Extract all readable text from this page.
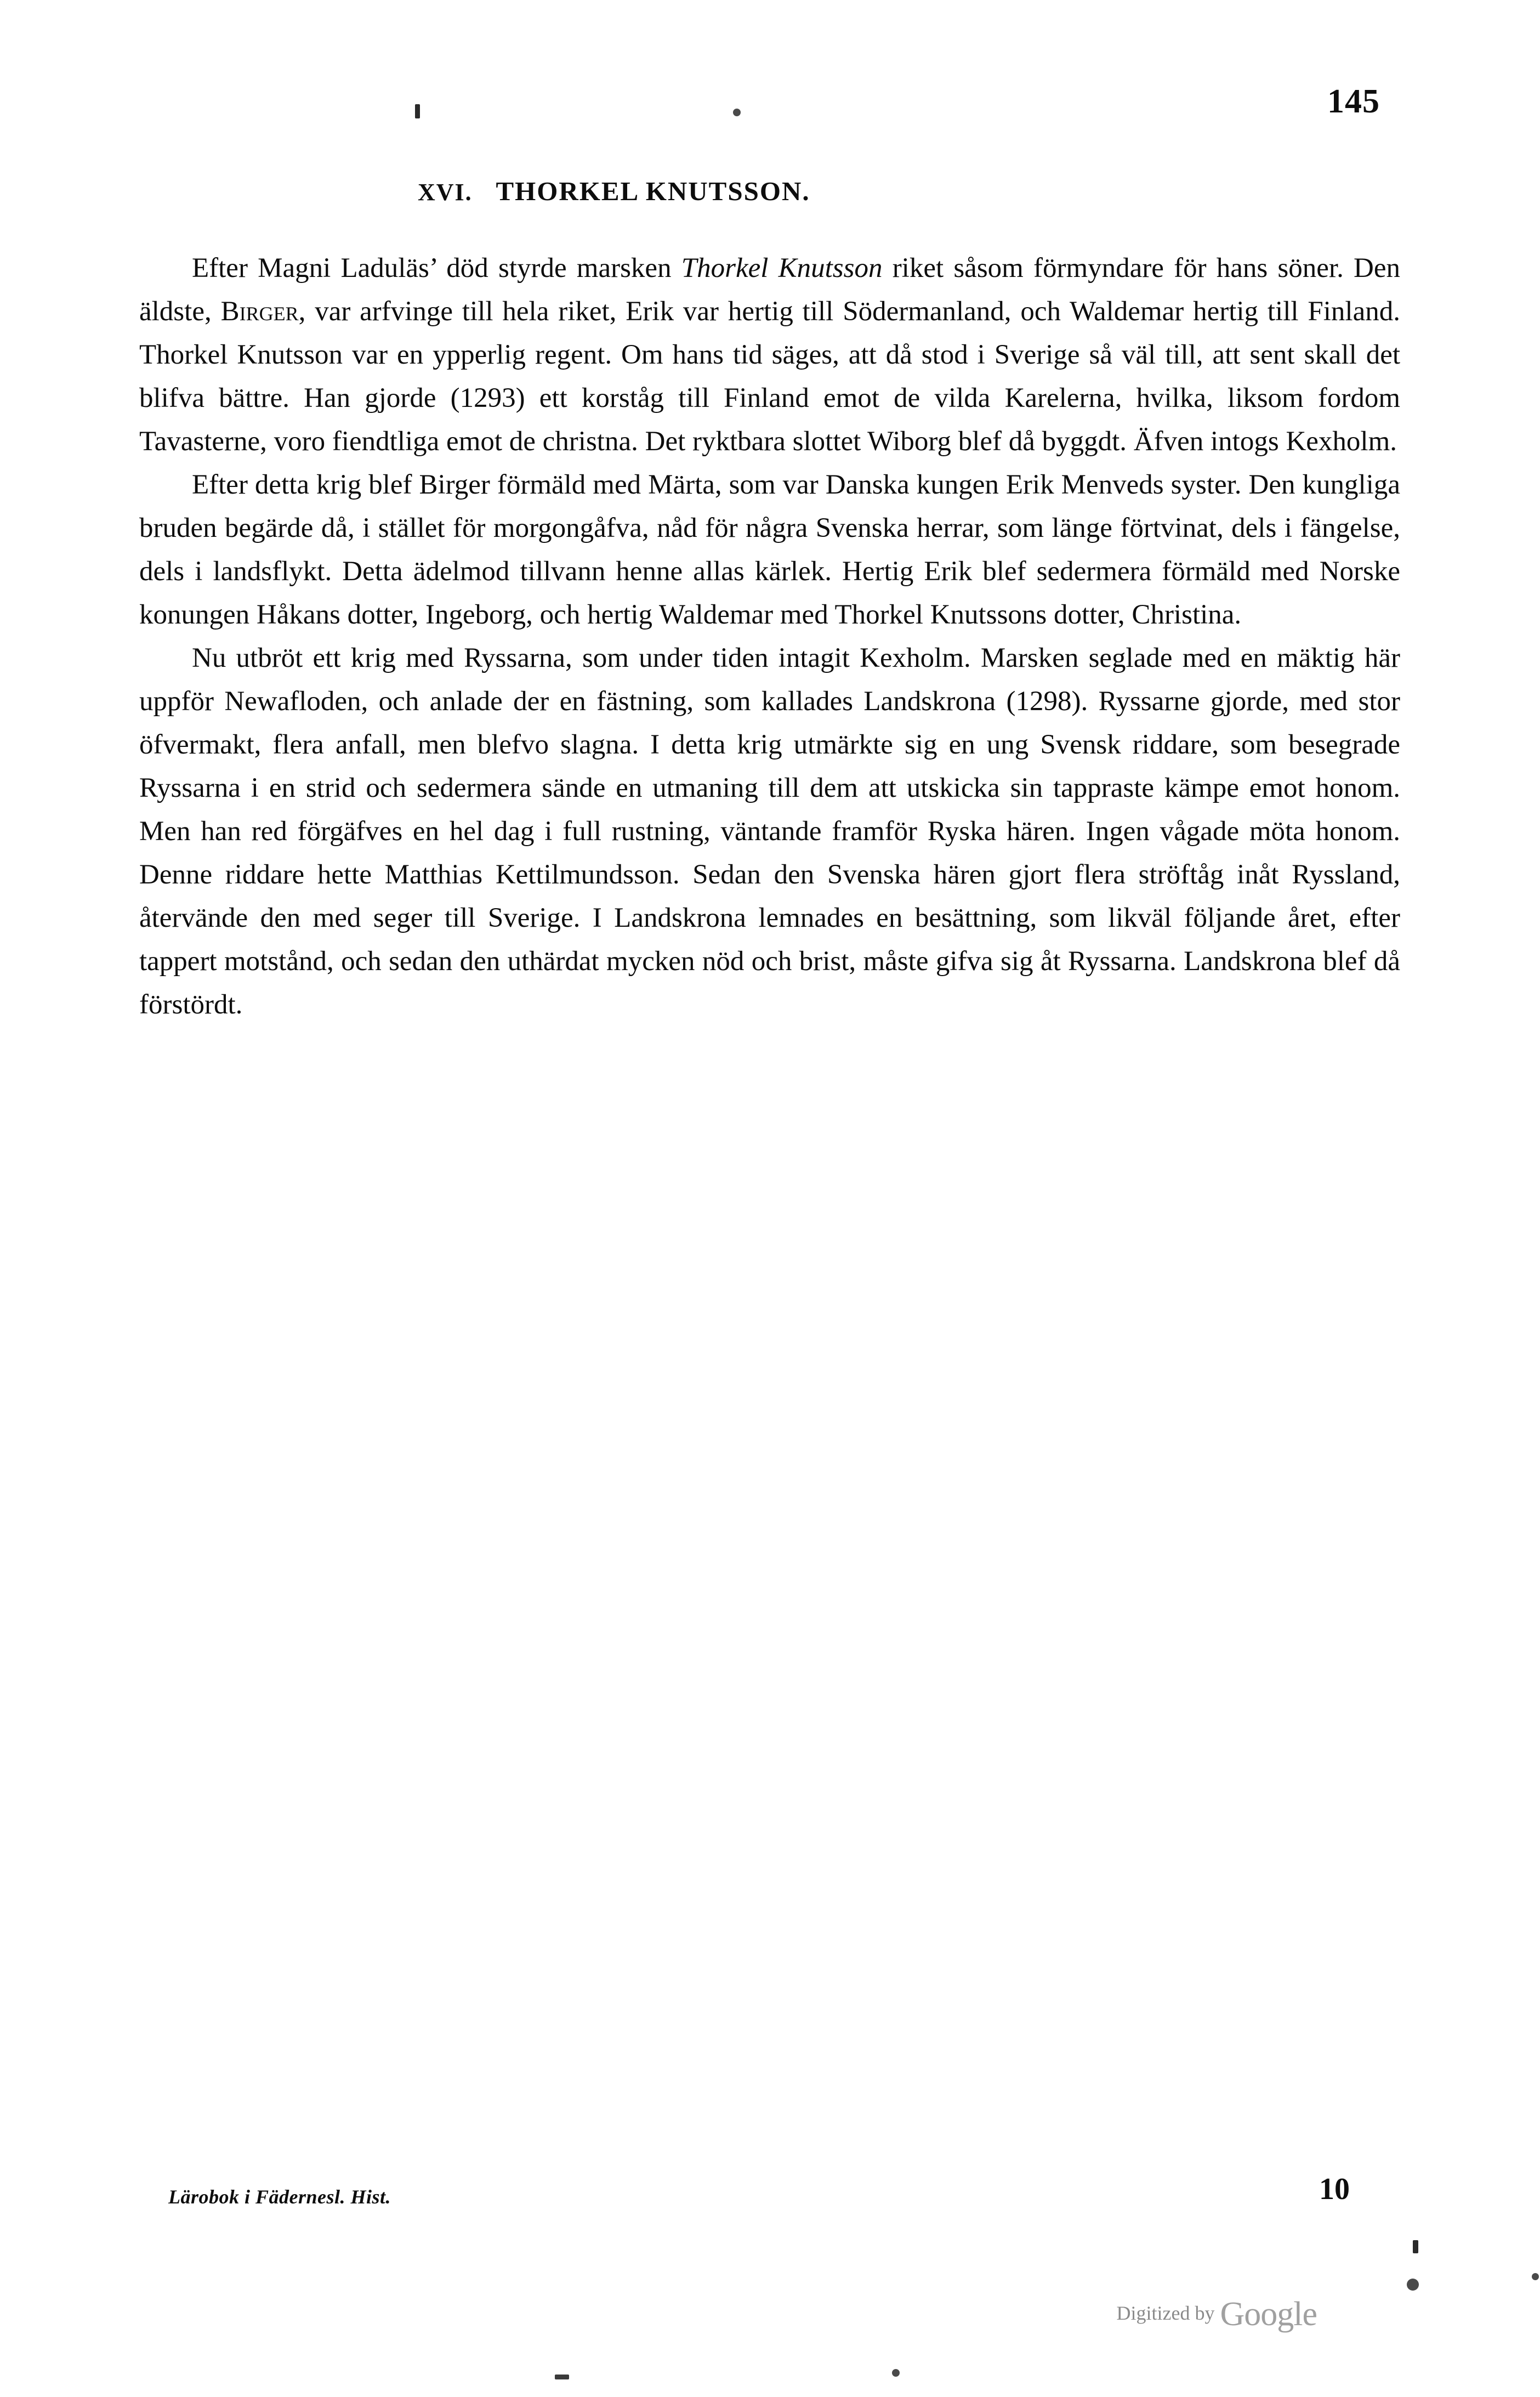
145
XVI. THORKEL KNUTSSON.

Efter Magni Laduläs’ död styrde marsken Thorkel Knutsson riket såsom förmyndare för hans söner. Den äldste, Birger, var arfvinge till hela riket, Erik var hertig till Södermanland, och Waldemar hertig till Finland. Thorkel Knutsson var en ypperlig regent. Om hans tid säges, att då stod i Sverige så väl till, att sent skall det blifva bättre. Han gjorde (1293) ett korståg till Finland emot de vilda Karelerna, hvilka, liksom fordom Tavasterne, voro fiendtliga emot de christna. Det ryktbara slottet Wiborg blef då byggdt. Äfven intogs Kexholm.

Efter detta krig blef Birger förmäld med Märta, som var Danska kungen Erik Menveds syster. Den kungliga bruden begärde då, i stället för morgongåfva, nåd för några Svenska herrar, som länge förtvinat, dels i fängelse, dels i landsflykt. Detta ädelmod tillvann henne allas kärlek. Hertig Erik blef sedermera förmäld med Norske konungen Håkans dotter, Ingeborg, och hertig Waldemar med Thorkel Knutssons dotter, Christina.

Nu utbröt ett krig med Ryssarna, som under tiden intagit Kexholm. Marsken seglade med en mäktig här uppför Newafloden, och anlade der en fästning, som kallades Landskrona (1298). Ryssarne gjorde, med stor öfvermakt, flera anfall, men blefvo slagna. I detta krig utmärkte sig en ung Svensk riddare, som besegrade Ryssarna i en strid och sedermera sände en utmaning till dem att utskicka sin tappraste kämpe emot honom. Men han red förgäfves en hel dag i full rustning, väntande framför Ryska hären. Ingen vågade möta honom. Denne riddare hette Matthias Kettilmundsson. Sedan den Svenska hären gjort flera ströftåg inåt Ryssland, återvände den med seger till Sverige. I Landskrona lemnades en besättning, som likväl följande året, efter tappert motstånd, och sedan den uthärdat mycken nöd och brist, måste gifva sig åt Ryssarna. Landskrona blef då förstördt.

Lärobok i Fädernesl. Hist.	10
Digitized by Google
